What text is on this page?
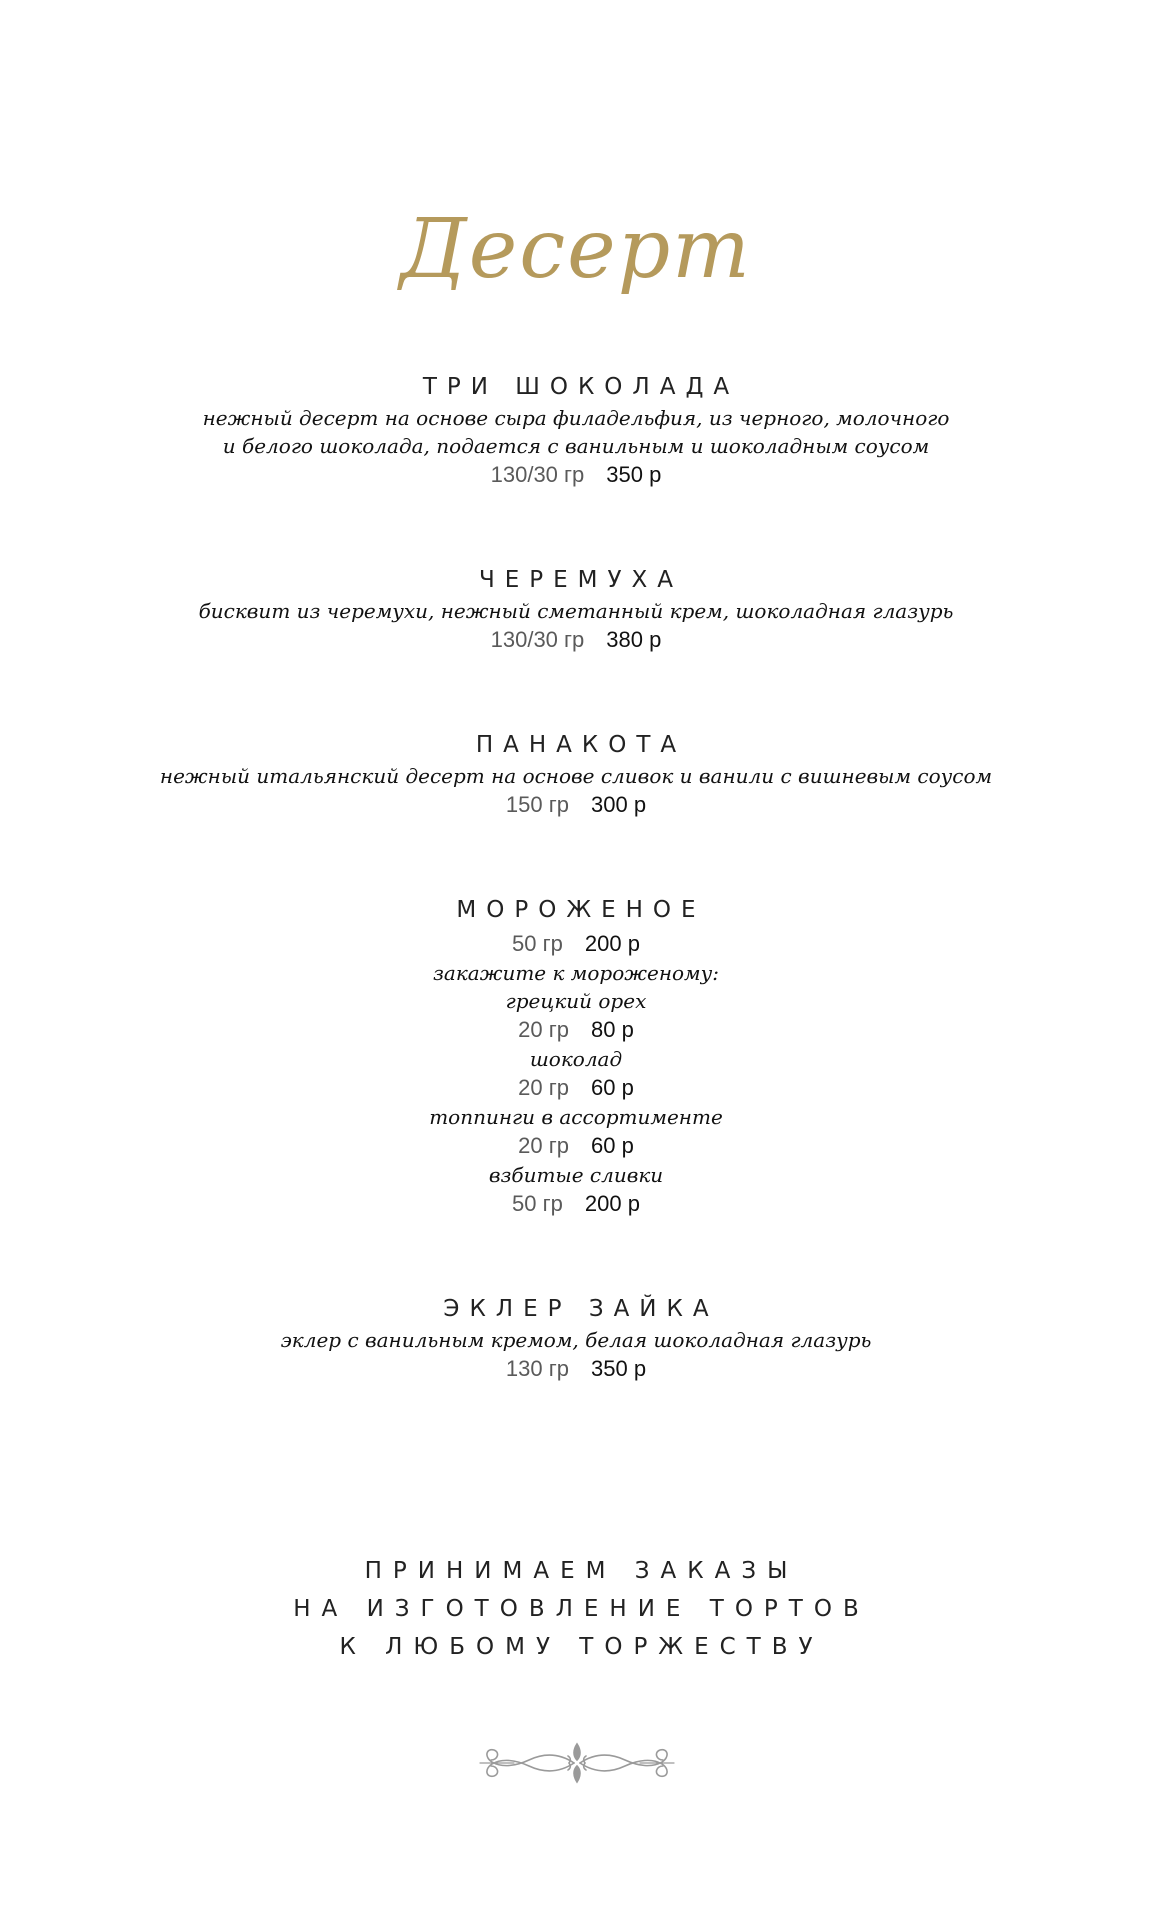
Десерт
ТРИ ШОКОЛАДА
нежный десерт на основе сыра филадельфия, из черного, молочного
и белого шоколада, подается с ванильным и шоколадным соусом
130/30 гр 350 р
ЧЕРЕМУХА
бисквит из черемухи, нежный сметанный крем, шоколадная глазурь
130/30 гр 380 р
ПАНАКОТА
нежный итальянский десерт на основе сливок и ванили с вишневым соусом
150 гр 300 р
МОРОЖЕНОЕ
50 гр 200 р
закажите к мороженому:
грецкий орех
20 гр 80 р
шоколад
20 гр 60 р
топпинги в ассортименте
20 гр 60 р
взбитые сливки
50 гр 200 р
ЭКЛЕР ЗАЙКА
эклер с ванильным кремом, белая шоколадная глазурь
130 гр 350 р
ПРИНИМАЕМ ЗАКАЗЫ
НА ИЗГОТОВЛЕНИЕ ТОРТОВ
К ЛЮБОМУ ТОРЖЕСТВУ
